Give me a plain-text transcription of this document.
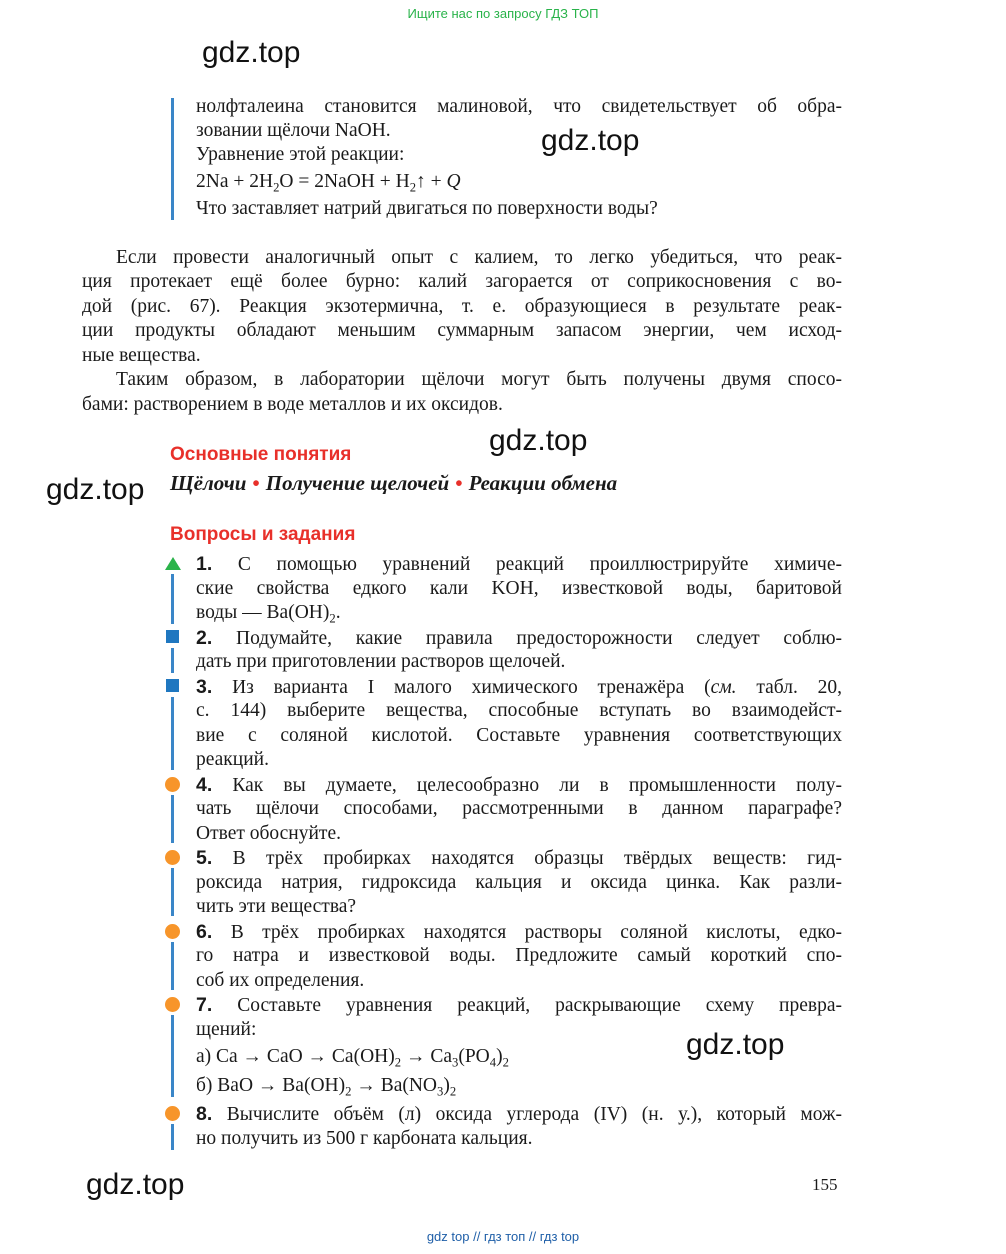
Ищите нас по запросу ГДЗ ТОП
gdz.top
gdz.top
gdz.top
gdz.top
gdz.top
gdz.top
нолфталеина становится малиновой, что свидетельствует об обра-
зовании щёлочи NaOH.
Уравнение этой реакции:
$2Na + 2H_2O$ = 2NaOH + $H_2↑ + Q$
Что заставляет натрий двигаться по поверхности воды?
Если провести аналогичный опыт с калием, то легко убедиться, что реак-
ция протекает ещё более бурно: калий загорается от соприкосновения с во-
дой (рис. 67). Реакция экзотермична, т. е. образующиеся в результате реак-
ции продукты обладают меньшим суммарным запасом энергии, чем исход-
ные вещества.
Таким образом, в лаборатории щёлочи могут быть получены двумя спосо-
бами: растворением в воде металлов и их оксидов.
Основные понятия
Щёлочи • Получение щелочей • Реакции обмена
Вопросы и задания
1. С помощью уравнений реакций проиллюстрируйте химиче-
ские свойства едкого кали KOH, известковой воды, баритовой
воды — $Ba(OH)_2$.
2. Подумайте, какие правила предосторожности следует соблю-
дать при приготовлении растворов щелочей.
3. Из варианта I малого химического тренажёра (см. табл. 20,
с. 144) выберите вещества, способные вступать во взаимодейст-
вие с соляной кислотой. Составьте уравнения соответствующих
реакций.
4. Как вы думаете, целесообразно ли в промышленности полу-
чать щёлочи способами, рассмотренными в данном параграфе?
Ответ обоснуйте.
5. В трёх пробирках находятся образцы твёрдых веществ: гид-
роксида натрия, гидроксида кальция и оксида цинка. Как разли-
чить эти вещества?
6. В трёх пробирках находятся растворы соляной кислоты, едко-
го натра и известковой воды. Предложите самый короткий спо-
соб их определения.
7. Составьте уравнения реакций, раскрывающие схему превра-
щений:
а) Ca → CaO → $Ca(OH)_2 \to Ca_3(PO_4)_2$
б) BaO → $Ba(OH)_2 \to Ba(NO_3)_2$
8. Вычислите объём (л) оксида углерода (IV) (н. у.), который мож-
но получить из 500 г карбоната кальция.
155
gdz top // гдз топ // гдз top
